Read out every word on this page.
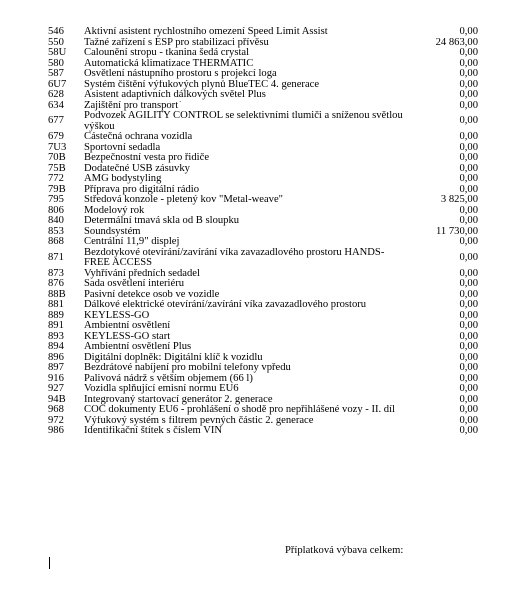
546	Aktivní asistent rychlostního omezení Speed Limit Assist	0,00
550	Tažné zařízení s ESP pro stabilizaci přívěsu	24 863,00
58U	Čalounění stropu - tkanina šedá crystal	0,00
580	Automatická klimatizace THERMATIC	0,00
587	Osvětlení nástupního prostoru s projekcí loga	0,00
6U7	Systém čištění výfukových plynů BlueTEC 4. generace	0,00
628	Asistent adaptivních dálkových světel Plus	0,00
634	Zajištění pro transport`	0,00
677	Podvozek AGILITY CONTROL se selektivními tlumiči a sníženou světlou výškou	0,00
679	Částečná ochrana vozidla	0,00
7U3	Sportovní sedadla	0,00
70B	Bezpečnostní vesta pro řidiče	0,00
75B	Dodatečné USB zásuvky	0,00
772	AMG bodystyling	0,00
79B	Příprava pro digitální rádio	0,00
795	Středová konzole - pletený kov "Metal-weave"	3 825,00
806	Modelový rok	0,00
840	Determální tmavá skla od B sloupku	0,00
853	Soundsystém	11 730,00
868	Centrální 11,9" displej	0,00
871	Bezdotykové otevírání/zavírání víka zavazadlového prostoru HANDS-FREE ACCESS	0,00
873	Vyhřívání předních sedadel	0,00
876	Sada osvětlení interiéru	0,00
88B	Pasivní detekce osob ve vozidle	0,00
881	Dálkové elektrické otevírání/zavírání víka zavazadlového prostoru	0,00
889	KEYLESS-GO	0,00
891	Ambientní osvětlení	0,00
893	KEYLESS-GO start	0,00
894	Ambientní osvětlení Plus	0,00
896	Digitální doplněk: Digitální klíč k vozidlu	0,00
897	Bezdrátové nabíjení pro mobilní telefony vpředu	0,00
916	Palivová nádrž s větším objemem (66 l)	0,00
927	Vozidla splňující emisní normu EU6	0,00
94B	Integrovaný startovací generátor 2. generace	0,00
968	COC dokumenty EU6 - prohlášení o shodě pro nepřihlášené vozy - II. díl	0,00
972	Výfukový systém s filtrem pevných částic 2. generace	0,00
986	Identifikační štítek s číslem VIN	0,00
Příplatková výbava celkem:
